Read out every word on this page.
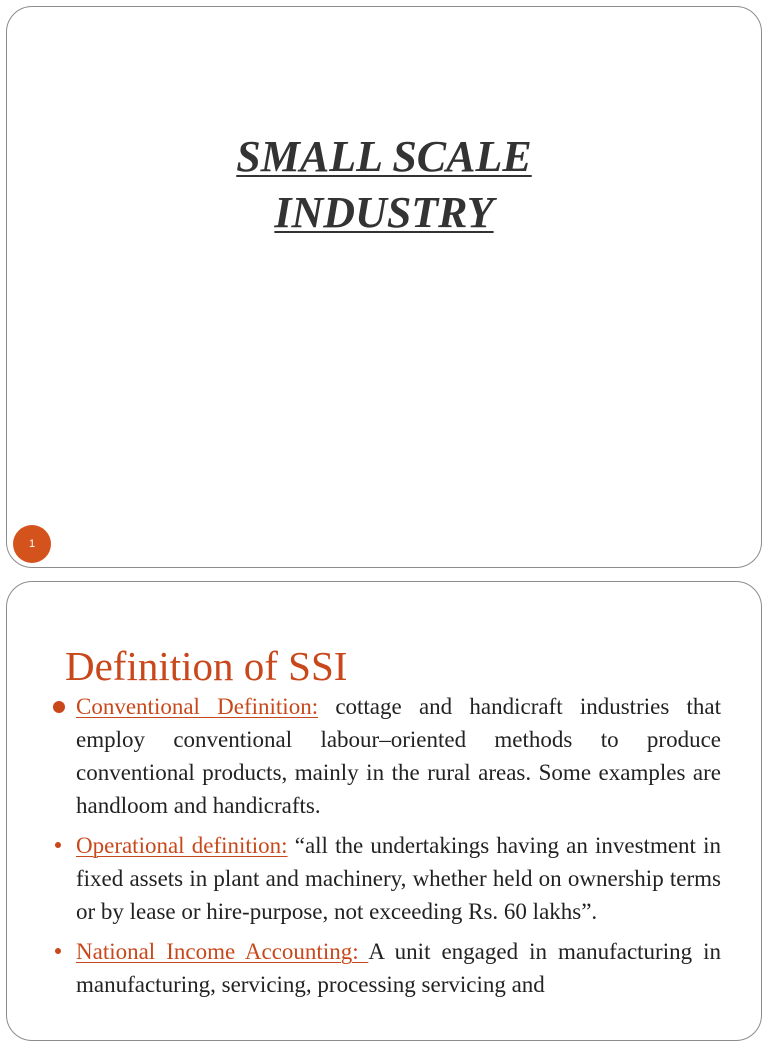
SMALL SCALE
INDUSTRY
1
Definition of SSI
Conventional Definition: cottage and handicraft industries that employ conventional labour–oriented methods to produce conventional products, mainly in the rural areas. Some examples are handloom and handicrafts.
Operational definition: “all the undertakings having an investment in fixed assets in plant and machinery, whether held on ownership terms or by lease or hire-purpose, not exceeding Rs. 60 lakhs”.
National Income Accounting: A unit engaged in manufacturing in manufacturing, servicing, processing servicing and
